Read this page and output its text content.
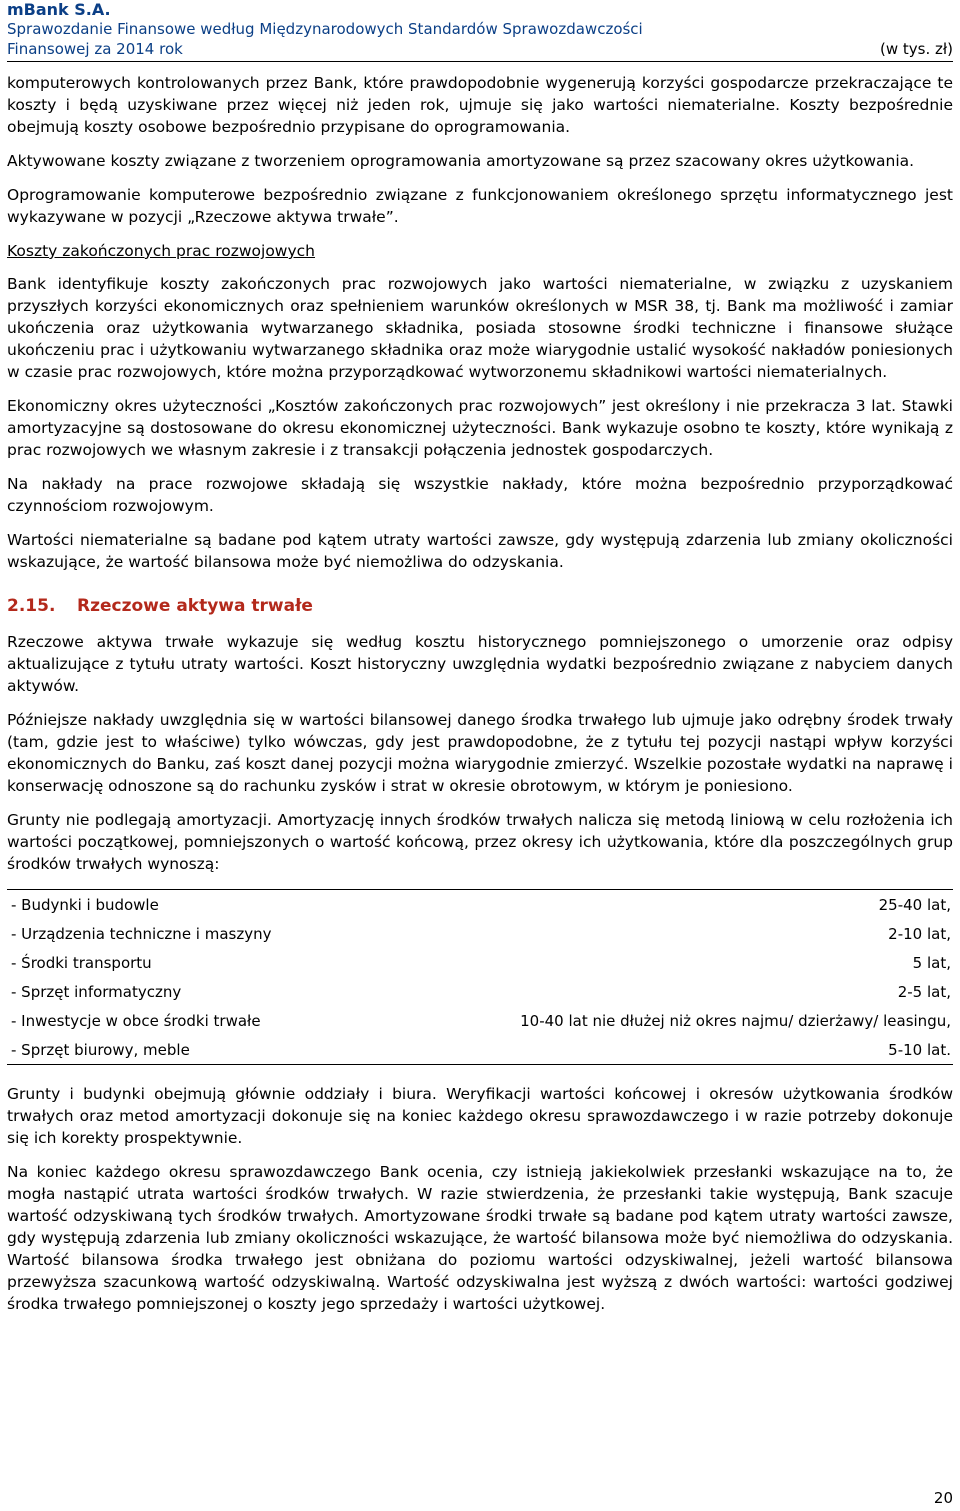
mBank S.A.
Sprawozdanie Finansowe według Międzynarodowych Standardów Sprawozdawczości
Finansowej za 2014 rok	(w tys. zł)

komputerowych kontrolowanych przez Bank, które prawdopodobnie wygenerują korzyści gospodarcze przekraczające te koszty i będą uzyskiwane przez więcej niż jeden rok, ujmuje się jako wartości niematerialne. Koszty bezpośrednie obejmują koszty osobowe bezpośrednio przypisane do oprogramowania.

Aktywowane koszty związane z tworzeniem oprogramowania amortyzowane są przez szacowany okres użytkowania.

Oprogramowanie komputerowe bezpośrednio związane z funkcjonowaniem określonego sprzętu informatycznego jest wykazywane w pozycji „Rzeczowe aktywa trwałe”.

Koszty zakończonych prac rozwojowych

Bank identyfikuje koszty zakończonych prac rozwojowych jako wartości niematerialne, w związku z uzyskaniem przyszłych korzyści ekonomicznych oraz spełnieniem warunków określonych w MSR 38, tj. Bank ma możliwość i zamiar ukończenia oraz użytkowania wytwarzanego składnika, posiada stosowne środki techniczne i finansowe służące ukończeniu prac i użytkowaniu wytwarzanego składnika oraz może wiarygodnie ustalić wysokość nakładów poniesionych w czasie prac rozwojowych, które można przyporządkować wytworzonemu składnikowi wartości niematerialnych.

Ekonomiczny okres użyteczności „Kosztów zakończonych prac rozwojowych” jest określony i nie przekracza 3 lat. Stawki amortyzacyjne są dostosowane do okresu ekonomicznej użyteczności. Bank wykazuje osobno te koszty, które wynikają z prac rozwojowych we własnym zakresie i z transakcji połączenia jednostek gospodarczych.

Na nakłady na prace rozwojowe składają się wszystkie nakłady, które można bezpośrednio przyporządkować czynnościom rozwojowym.

Wartości niematerialne są badane pod kątem utraty wartości zawsze, gdy występują zdarzenia lub zmiany okoliczności wskazujące, że wartość bilansowa może być niemożliwa do odzyskania.

2.15. Rzeczowe aktywa trwałe

Rzeczowe aktywa trwałe wykazuje się według kosztu historycznego pomniejszonego o umorzenie oraz odpisy aktualizujące z tytułu utraty wartości. Koszt historyczny uwzględnia wydatki bezpośrednio związane z nabyciem danych aktywów.

Późniejsze nakłady uwzględnia się w wartości bilansowej danego środka trwałego lub ujmuje jako odrębny środek trwały (tam, gdzie jest to właściwe) tylko wówczas, gdy jest prawdopodobne, że z tytułu tej pozycji nastąpi wpływ korzyści ekonomicznych do Banku, zaś koszt danej pozycji można wiarygodnie zmierzyć. Wszelkie pozostałe wydatki na naprawę i konserwację odnoszone są do rachunku zysków i strat w okresie obrotowym, w którym je poniesiono.

Grunty nie podlegają amortyzacji. Amortyzację innych środków trwałych nalicza się metodą liniową w celu rozłożenia ich wartości początkowej, pomniejszonych o wartość końcową, przez okresy ich użytkowania, które dla poszczególnych grup środków trwałych wynoszą:

- Budynki i budowle	25-40 lat,
- Urządzenia techniczne i maszyny	2-10 lat,
- Środki transportu	5 lat,
- Sprzęt informatyczny	2-5 lat,
- Inwestycje w obce środki trwałe	10-40 lat nie dłużej niż okres najmu/ dzierżawy/ leasingu,
- Sprzęt biurowy, meble	5-10 lat.

Grunty i budynki obejmują głównie oddziały i biura. Weryfikacji wartości końcowej i okresów użytkowania środków trwałych oraz metod amortyzacji dokonuje się na koniec każdego okresu sprawozdawczego i w razie potrzeby dokonuje się ich korekty prospektywnie.

Na koniec każdego okresu sprawozdawczego Bank ocenia, czy istnieją jakiekolwiek przesłanki wskazujące na to, że mogła nastąpić utrata wartości środków trwałych. W razie stwierdzenia, że przesłanki takie występują, Bank szacuje wartość odzyskiwaną tych środków trwałych. Amortyzowane środki trwałe są badane pod kątem utraty wartości zawsze, gdy występują zdarzenia lub zmiany okoliczności wskazujące, że wartość bilansowa może być niemożliwa do odzyskania. Wartość bilansowa środka trwałego jest obniżana do poziomu wartości odzyskiwalnej, jeżeli wartość bilansowa przewyższa szacunkową wartość odzyskiwalną. Wartość odzyskiwalna jest wyższą z dwóch wartości: wartości godziwej środka trwałego pomniejszonej o koszty jego sprzedaży i wartości użytkowej.

20
